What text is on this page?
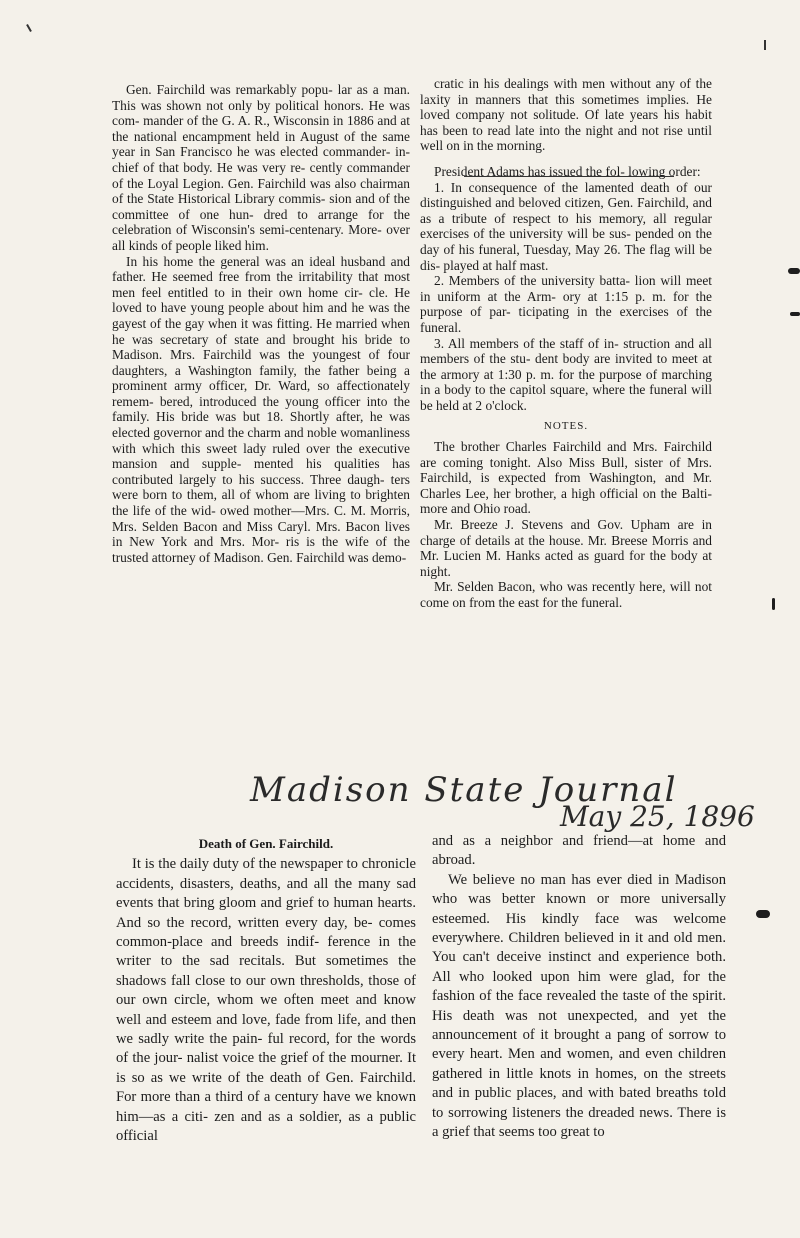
Gen. Fairchild was remarkably popu- lar as a man. This was shown not only by political honors. He was com- mander of the G. A. R., Wisconsin in 1886 and at the national encampment held in August of the same year in San Francisco he was elected commander- in-chief of that body. He was very re- cently commander of the Loyal Legion. Gen. Fairchild was also chairman of the State Historical Library commis- sion and of the committee of one hun- dred to arrange for the celebration of Wisconsin's semi-centenary. More- over all kinds of people liked him.

In his home the general was an ideal husband and father. He seemed free from the irritability that most men feel entitled to in their own home cir- cle. He loved to have young people about him and he was the gayest of the gay when it was fitting. He married when he was secretary of state and brought his bride to Madison. Mrs. Fairchild was the youngest of four daughters, a Washington family, the father being a prominent army officer, Dr. Ward, so affectionately remem- bered, introduced the young officer into the family. His bride was but 18. Shortly after, he was elected governor and the charm and noble womanliness with which this sweet lady ruled over the executive mansion and supple- mented his qualities has contributed largely to his success. Three daugh- ters were born to them, all of whom are living to brighten the life of the wid- owed mother—Mrs. C. M. Morris, Mrs. Selden Bacon and Miss Caryl. Mrs. Bacon lives in New York and Mrs. Mor- ris is the wife of the trusted attorney of Madison. Gen. Fairchild was demo-

cratic in his dealings with men without any of the laxity in manners that this sometimes implies. He loved company not solitude. Of late years his habit has been to read late into the night and not rise until well on in the morning.

President Adams has issued the fol- lowing order:

1. In consequence of the lamented death of our distinguished and beloved citizen, Gen. Fairchild, and as a tribute of respect to his memory, all regular exercises of the university will be sus- pended on the day of his funeral, Tuesday, May 26. The flag will be dis- played at half mast.

2. Members of the university batta- lion will meet in uniform at the Arm- ory at 1:15 p. m. for the purpose of par- ticipating in the exercises of the funeral.

3. All members of the staff of in- struction and all members of the stu- dent body are invited to meet at the armory at 1:30 p. m. for the purpose of marching in a body to the capitol square, where the funeral will be held at 2 o'clock.

NOTES.

The brother Charles Fairchild and Mrs. Fairchild are coming tonight. Also Miss Bull, sister of Mrs. Fairchild, is expected from Washington, and Mr. Charles Lee, her brother, a high official on the Balti- more and Ohio road.

Mr. Breeze J. Stevens and Gov. Upham are in charge of details at the house. Mr. Breese Morris and Mr. Lucien M. Hanks acted as guard for the body at night.

Mr. Selden Bacon, who was recently here, will not come on from the east for the funeral.

Madison State Journal
May 25, 1896

Death of Gen. Fairchild.

It is the daily duty of the newspaper to chronicle accidents, disasters, deaths, and all the many sad events that bring gloom and grief to human hearts. And so the record, written every day, be- comes common-place and breeds indif- ference in the writer to the sad recitals. But sometimes the shadows fall close to our own thresholds, those of our own circle, whom we often meet and know well and esteem and love, fade from life, and then we sadly write the pain- ful record, for the words of the jour- nalist voice the grief of the mourner. It is so as we write of the death of Gen. Fairchild. For more than a third of a century have we known him—as a citi- zen and as a soldier, as a public official

and as a neighbor and friend—at home and abroad.

We believe no man has ever died in Madison who was better known or more universally esteemed. His kindly face was welcome everywhere. Children believed in it and old men. You can't deceive instinct and experience both. All who looked upon him were glad, for the fashion of the face revealed the taste of the spirit. His death was not unexpected, and yet the announcement of it brought a pang of sorrow to every heart. Men and women, and even children gathered in little knots in homes, on the streets and in public places, and with bated breaths told to sorrowing listeners the dreaded news. There is a grief that seems too great to
